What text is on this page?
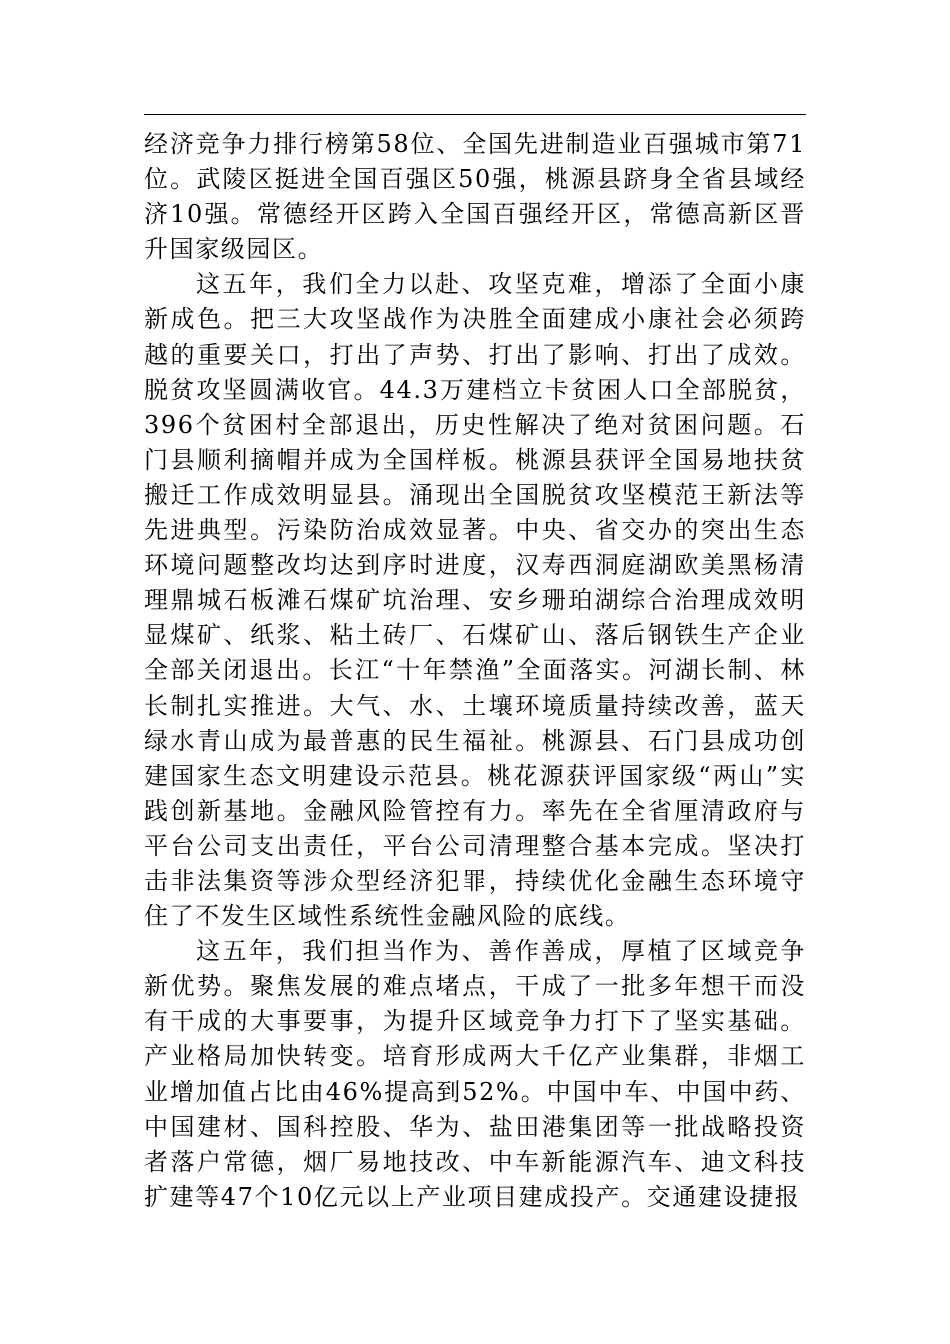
经济竞争力排行榜第58位、全国先进制造业百强城市第71位。武陵区挺进全国百强区50强，桃源县跻身全省县域经济10强。常德经开区跨入全国百强经开区，常德高新区晋升国家级园区。

这五年，我们全力以赴、攻坚克难，增添了全面小康新成色。把三大攻坚战作为决胜全面建成小康社会必须跨越的重要关口，打出了声势、打出了影响、打出了成效。脱贫攻坚圆满收官。44.3万建档立卡贫困人口全部脱贫，396个贫困村全部退出，历史性解决了绝对贫困问题。石门县顺利摘帽并成为全国样板。桃源县获评全国易地扶贫搬迁工作成效明显县。涌现出全国脱贫攻坚模范王新法等先进典型。污染防治成效显著。中央、省交办的突出生态环境问题整改均达到序时进度，汉寿西洞庭湖欧美黑杨清理鼎城石板滩石煤矿坑治理、安乡珊珀湖综合治理成效明显煤矿、纸浆、粘土砖厂、石煤矿山、落后钢铁生产企业全部关闭退出。长江“十年禁渔”全面落实。河湖长制、林长制扎实推进。大气、水、土壤环境质量持续改善，蓝天绿水青山成为最普惠的民生福祉。桃源县、石门县成功创建国家生态文明建设示范县。桃花源获评国家级“两山”实践创新基地。金融风险管控有力。率先在全省厘清政府与平台公司支出责任，平台公司清理整合基本完成。坚决打击非法集资等涉众型经济犯罪，持续优化金融生态环境守住了不发生区域性系统性金融风险的底线。

这五年，我们担当作为、善作善成，厚植了区域竞争新优势。聚焦发展的难点堵点，干成了一批多年想干而没有干成的大事要事，为提升区域竞争力打下了坚实基础。产业格局加快转变。培育形成两大千亿产业集群，非烟工业增加值占比由46%提高到52%。中国中车、中国中药、中国建材、国科控股、华为、盐田港集团等一批战略投资者落户常德，烟厂易地技改、中车新能源汽车、迪文科技扩建等47个10亿元以上产业项目建成投产。交通建设捷报
